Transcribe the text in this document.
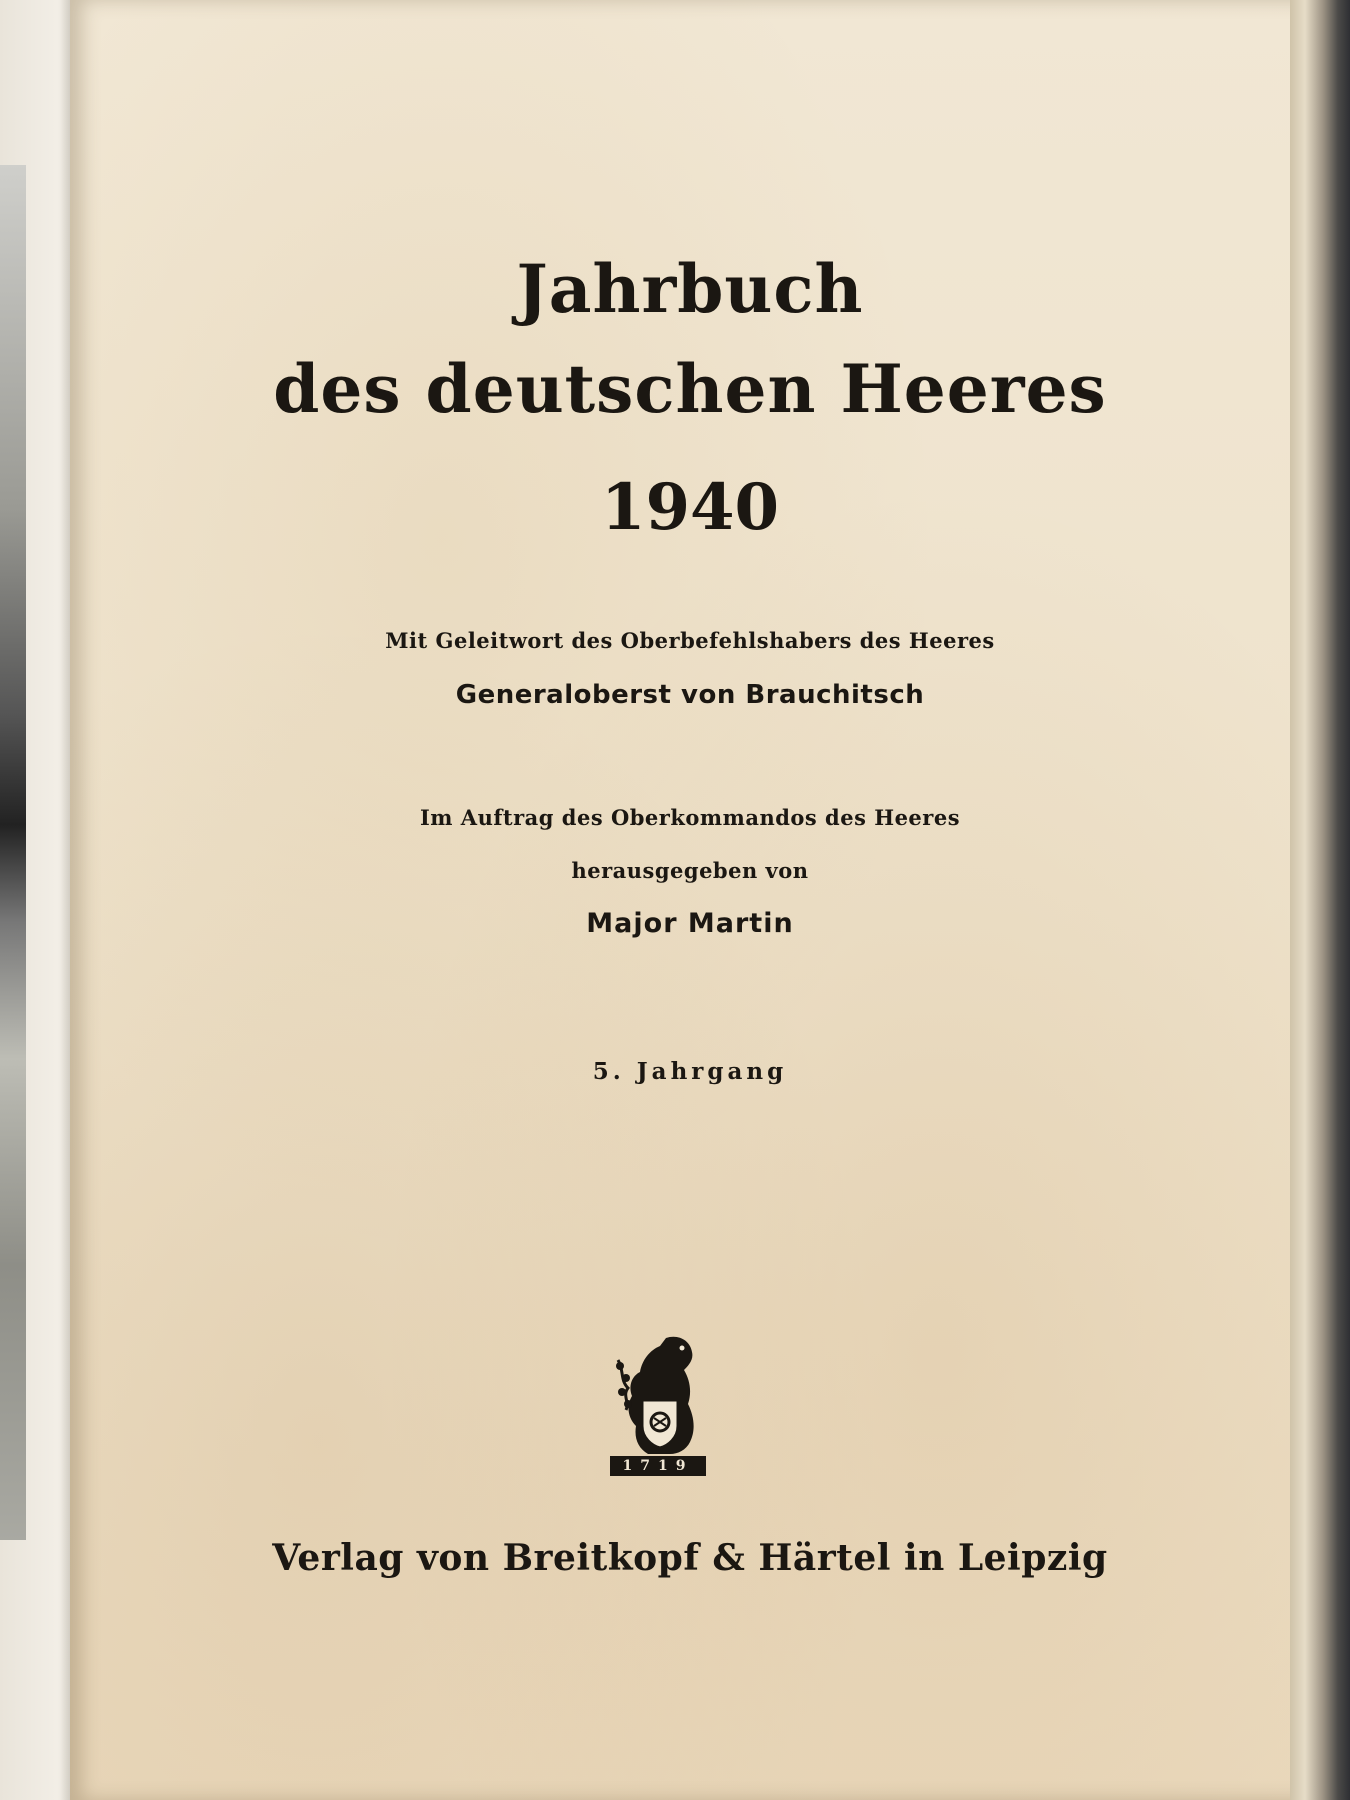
Jahrbuch
des deutschen Heeres
1940
Mit Geleitwort des Oberbefehlshabers des Heeres
Generaloberst von Brauchitsch
Im Auftrag des Oberkommandos des Heeres
herausgegeben von
Major Martin
5. Jahrgang
1719
Verlag von Breitkopf & Härtel in Leipzig
